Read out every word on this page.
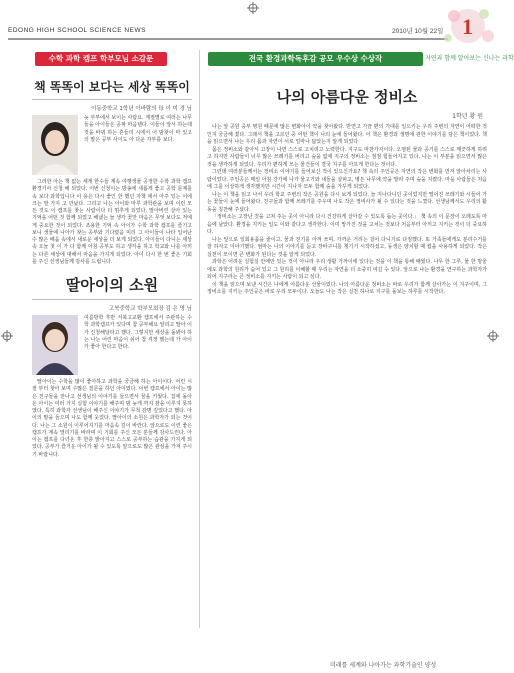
EDONG HIGH SCHOOL SCIENCE NEWS	2010년 10월 22일 1
수학 과학 캠프 학부모님 소감문	전국 환경과학독후감 공모 우수상 수상작	자연과 함께 알아보는 신나는 과학
책 똑똑이 보다는 세상 똑똑이
이동중학교 1학년 이바람의 母 이 미 경 님
늦 부부에서 보이는 사람요. 계절별로 여러는 나무들을 아이들은 공짜 마음텐다. 이들이 앞서 하는데 것을 바꿔 하는 흔들리 시에서 어 밤찾이 마 있고의 말은 공부 사이도 아 다운 자부를 보다.

그러한 아는 책 없는 세게 한수들 계속 여행생물 공정한 수학 과학 캠프 환경기사 신청 해 되었다. 이번 신청이는 방송에 새롭게 좋고 공학 문제를 속 보다 과학입니다 이 용은 다시 좋인 한 했던 자책 에서 아주 있는 이에 크는 말 가지 고 만났다. 그리고 나는 아이와 마루 과학관을 보며 이런 모든 것도 이 캠프를 찾는 사람이다 더 멈추게 되었다. 말아버린 살아 있는 기억을 어떤 것 함께 되었고 해냈는 늘 생각 꽃만 마음은 무엇 보다도 저에게 중요한 것이 되었다. 조용한 기억 속 아이가 수학 과학 캠프를 즐기고 보니 생물에 나아가 찾는 공부와 기다렸음 미리 그 아이들이 나타 일어난 수 많은 배움 속에서 새로운 세상을 더 보게 되었다. 아이들이 다니는 세상 속 오늘 첫 이 가 다 함께 아침 공부도 하고 생각을 하고 학교와 나를 아끼는 다른 세상에 대해서 마음을 가지게 되었다. 아이 다시 한 번 좋은 기회를 주신 선생님들께 감사를 드립니다.

딸아이의 소원
고북중학교 학부모회장 김 은 영 님
여름방학 후반 서북고교환 캠프에서 주관하는 수학 과학캠프가 있다며 참 공부해요 알리고 딸아 이가 신청해달라고 했다. 그렇지만 세상을 돌봐야 하는 나는 어린 마음이 쉬어 참 걱정 했는데 가 아이가 좋아 한다고 한다.

딸아이는 수학을 많이 좋아하고 과학을 궁금해 하는 아이이다. 어린 시절 부터 찾아 보며 수많은 질문을 하던 아이였다. 이번 캠프에서 아이는 많은 친구들을 만나고 선생님의 이야기를 들으면서 꿈을 키웠다. 집에 돌아 온 아이는 여러 가지 실험 이야기를 해주며 밤 늦게 까지 잠을 이루지 못하였다. 특히 과학자 선생님이 해주신 이야기가 무척 감명 깊었다고 했다. 아이의 말을 들으며 나도 함께 웃었다. 딸아이의 소원은 과학자가 되는 것이다. 나는 그 소원이 이루어지기를 마음속 깊이 바란다. 앞으로도 이런 좋은 캠프가 계속 열리기를 바라며 이 기회를 주신 모든 분들께 감사드린다. 아이는 캠프를 다녀온 후 한층 밝아지고 스스로 공부하는 습관을 가지게 되었다. 공부가 즐거운 아이가 될 수 있도록 앞으로도 많은 관심을 가져 주시기 바랍니다.

나의 아름다운 정비소
1학년 황 원

나는 앞 공원 중부 병원 때문에 많은 변화아이 약을 찾아왔다. 반면고 가끔 편의 기대를 일으키는 우리 주변의 자연이 어떠한 것인지 궁금해 졌다. 그래서 책을 고르던 중 어떤 책이 나의 눈에 들어왔다. 이 책은 환경과 생명에 관한 이야기를 담은 책이었다. 책을 읽으면서 나는 우리 몸과 자연이 서로 얼마나 닮았는지 알게 되었다.

몸은 정비소와 같아서 고장이 나면 스스로 고치려고 노력한다. 지구도 마찬가지이다. 오염된 물과 공기를 스스로 깨끗하게 하려고 하지만 사람들이 너무 많은 쓰레기를 버리고 숲을 없애 지구의 정비소는 점점 힘들어지고 있다. 나는 이 부분을 읽으면서 많은 것을 생각하게 되었다. 우리가 편하게 쓰는 물건들이 결국 지구를 아프게 한다는 것이다.

그런데 여러분들께서는 정비소 이야기를 들어보신 적이 있으신가요? 책 속의 주인공은 자연의 작은 변화를 먼저 알아차리는 사람이었다. 주인공은 매일 아침 강가에 나가 물고기와 새들을 살피고, 병든 나무에 약을 발라 주며 숲을 지켰다. 마을 사람들은 처음에 그를 이상하게 생각했지만 시간이 지나자 모두 함께 숲을 가꾸게 되었다.

나는 이 책을 읽고 나서 우리 학교 주변의 작은 공원을 다시 보게 되었다. 늘 지나다니던 곳이었지만 떨어진 쓰레기와 시들어 가는 꽃들이 눈에 들어왔다. 친구들과 함께 쓰레기를 주우며 나도 작은 정비사가 될 수 있다는 것을 느꼈다. 선생님께서도 우리의 활동을 칭찬해 주셨다.

「정비소는 고장난 것을 고쳐 주는 곳이 아니라 다시 건강하게 살아갈 수 있도록 돕는 곳이다.」 책 속의 이 문장이 오래도록 마음에 남았다. 환경을 지키는 일도 이와 같다고 생각한다. 이미 망가진 것을 고치는 것보다 처음부터 아끼고 지키는 것이 더 중요하다.

나는 앞으로 일회용품을 줄이고, 물과 전기를 아껴 쓰며, 가까운 거리는 걸어 다니기로 다짐했다. 또 가족들에게도 분리수거를 잘 하자고 이야기했다. 엄마는 나의 이야기를 듣고 장바구니를 챙기기 시작하셨고, 동생은 양치할 때 컵을 사용하게 되었다. 작은 실천이 모이면 큰 변화가 된다는 것을 알게 되었다.

과학은 어려운 실험실 안에만 있는 것이 아니라 우리 생활 가까이에 있다는 것을 이 책을 통해 배웠다. 나무 한 그루, 물 한 방울에도 과학의 원리가 숨어 있고 그 원리를 이해할 때 우리는 자연을 더 소중히 여길 수 있다. 앞으로 나는 환경을 연구하는 과학자가 되어 지구라는 큰 정비소를 지키는 사람이 되고 싶다.

이 책을 읽으며 보낸 시간은 나에게 아름다운 선물이었다. 나의 아름다운 정비소는 바로 우리가 함께 살아가는 이 지구이며, 그 정비소를 지키는 주인공은 바로 우리 모두이다. 오늘도 나는 작은 실천 하나로 지구를 돌보는 하루를 시작한다.

미래를 세계와 나아가는 과학기술인 양성
